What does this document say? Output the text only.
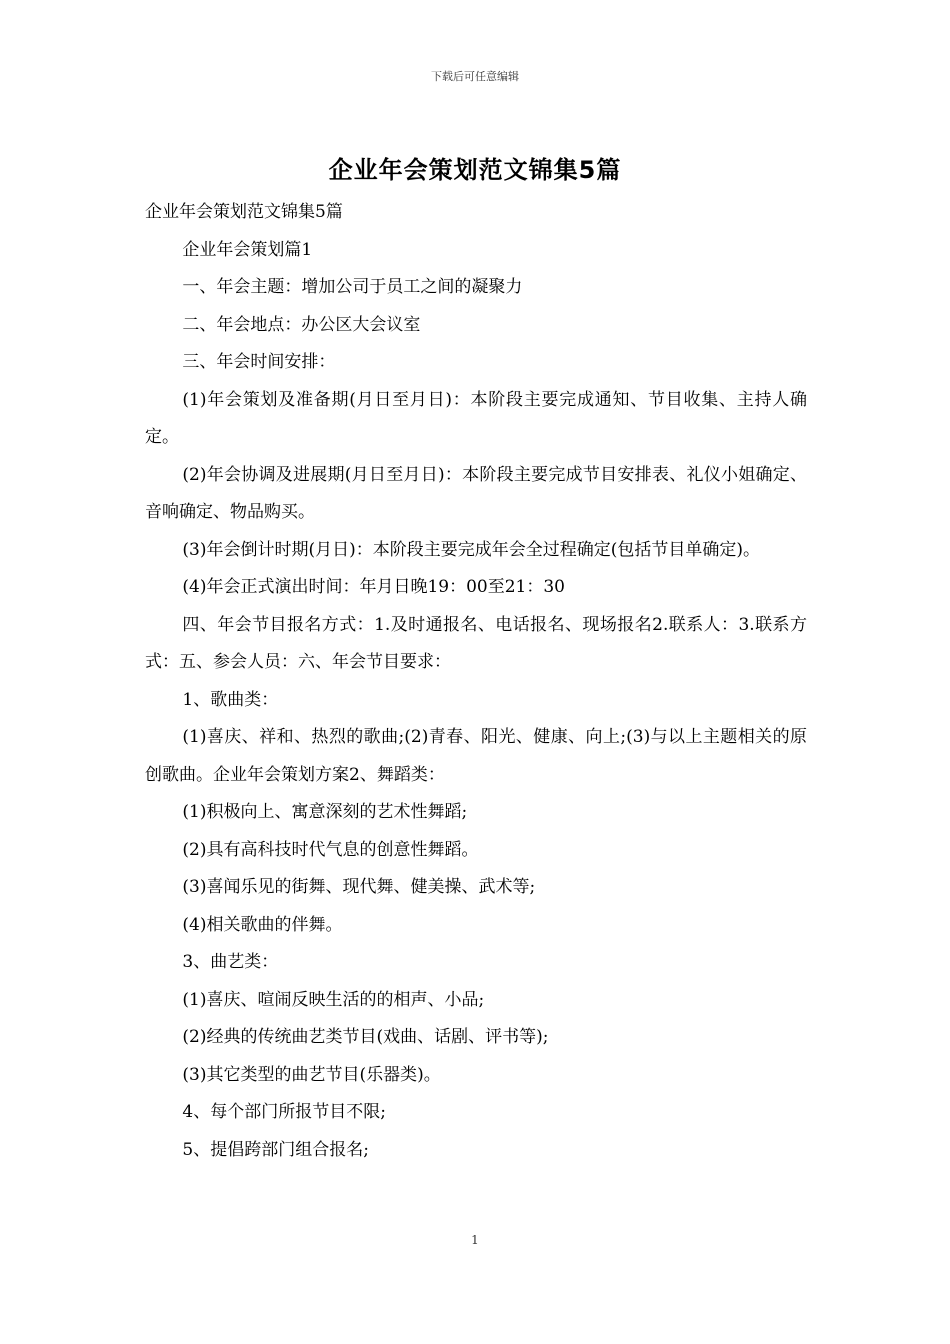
下载后可任意编辑
企业年会策划范文锦集5篇

企业年会策划范文锦集5篇

企业年会策划篇1

一、年会主题：增加公司于员工之间的凝聚力

二、年会地点：办公区大会议室

三、年会时间安排：

(1)年会策划及准备期(月日至月日)：本阶段主要完成通知、节目收集、主持人确定。

(2)年会协调及进展期(月日至月日)：本阶段主要完成节目安排表、礼仪小姐确定、音响确定、物品购买。

(3)年会倒计时期(月日)：本阶段主要完成年会全过程确定(包括节目单确定)。

(4)年会正式演出时间：年月日晚19：00至21：30

四、年会节目报名方式：1.及时通报名、电话报名、现场报名2.联系人：3.联系方式：五、参会人员：六、年会节目要求：

1、歌曲类：

(1)喜庆、祥和、热烈的歌曲;(2)青春、阳光、健康、向上;(3)与以上主题相关的原创歌曲。企业年会策划方案2、舞蹈类：

(1)积极向上、寓意深刻的艺术性舞蹈;

(2)具有高科技时代气息的创意性舞蹈。

(3)喜闻乐见的街舞、现代舞、健美操、武术等;

(4)相关歌曲的伴舞。

3、曲艺类：

(1)喜庆、喧闹反映生活的的相声、小品;

(2)经典的传统曲艺类节目(戏曲、话剧、评书等);

(3)其它类型的曲艺节目(乐器类)。

4、每个部门所报节目不限;

5、提倡跨部门组合报名;

1
